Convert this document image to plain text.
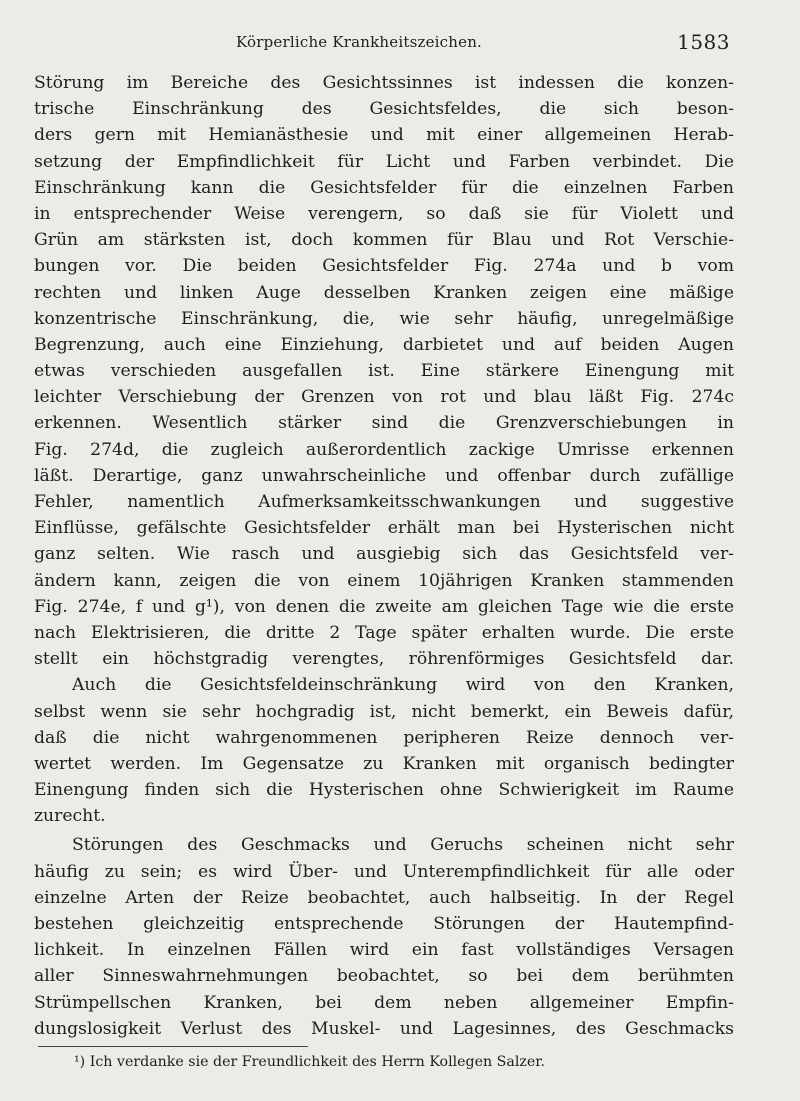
Körperliche Krankheitszeichen.	1583
Störung im Bereiche des Gesichtssinnes ist indessen die konzen-
trische Einschränkung des Gesichtsfeldes, die sich beson-
ders gern mit Hemianästhesie und mit einer allgemeinen Herab-
setzung der Empfindlichkeit für Licht und Farben verbindet. Die
Einschränkung kann die Gesichtsfelder für die einzelnen Farben
in entsprechender Weise verengern, so daß sie für Violett und
Grün am stärksten ist, doch kommen für Blau und Rot Verschie-
bungen vor. Die beiden Gesichtsfelder Fig. 274a und b vom
rechten und linken Auge desselben Kranken zeigen eine mäßige
konzentrische Einschränkung, die, wie sehr häufig, unregelmäßige
Begrenzung, auch eine Einziehung, darbietet und auf beiden Augen
etwas verschieden ausgefallen ist. Eine stärkere Einengung mit
leichter Verschiebung der Grenzen von rot und blau läßt Fig. 274c
erkennen. Wesentlich stärker sind die Grenzverschiebungen in
Fig. 274d, die zugleich außerordentlich zackige Umrisse erkennen
läßt. Derartige, ganz unwahrscheinliche und offenbar durch zufällige
Fehler, namentlich Aufmerksamkeitsschwankungen und suggestive
Einflüsse, gefälschte Gesichtsfelder erhält man bei Hysterischen nicht
ganz selten. Wie rasch und ausgiebig sich das Gesichtsfeld ver-
ändern kann, zeigen die von einem 10jährigen Kranken stammenden
Fig. 274e, f und g¹), von denen die zweite am gleichen Tage wie die erste
nach Elektrisieren, die dritte 2 Tage später erhalten wurde. Die erste
stellt ein höchstgradig verengtes, röhrenförmiges Gesichtsfeld dar.
Auch die Gesichtsfeldeinschränkung wird von den Kranken,
selbst wenn sie sehr hochgradig ist, nicht bemerkt, ein Beweis dafür,
daß die nicht wahrgenommenen peripheren Reize dennoch ver-
wertet werden. Im Gegensatze zu Kranken mit organisch bedingter
Einengung finden sich die Hysterischen ohne Schwierigkeit im Raume
zurecht.
Störungen des Geschmacks und Geruchs scheinen nicht sehr
häufig zu sein; es wird Über- und Unterempfindlichkeit für alle oder
einzelne Arten der Reize beobachtet, auch halbseitig. In der Regel
bestehen gleichzeitig entsprechende Störungen der Hautempfind-
lichkeit. In einzelnen Fällen wird ein fast vollständiges Versagen
aller Sinneswahrnehmungen beobachtet, so bei dem berühmten
Strümpellschen Kranken, bei dem neben allgemeiner Empfin-
dungslosigkeit Verlust des Muskel- und Lagesinnes, des Geschmacks
¹) Ich verdanke sie der Freundlichkeit des Herrn Kollegen Salzer.
